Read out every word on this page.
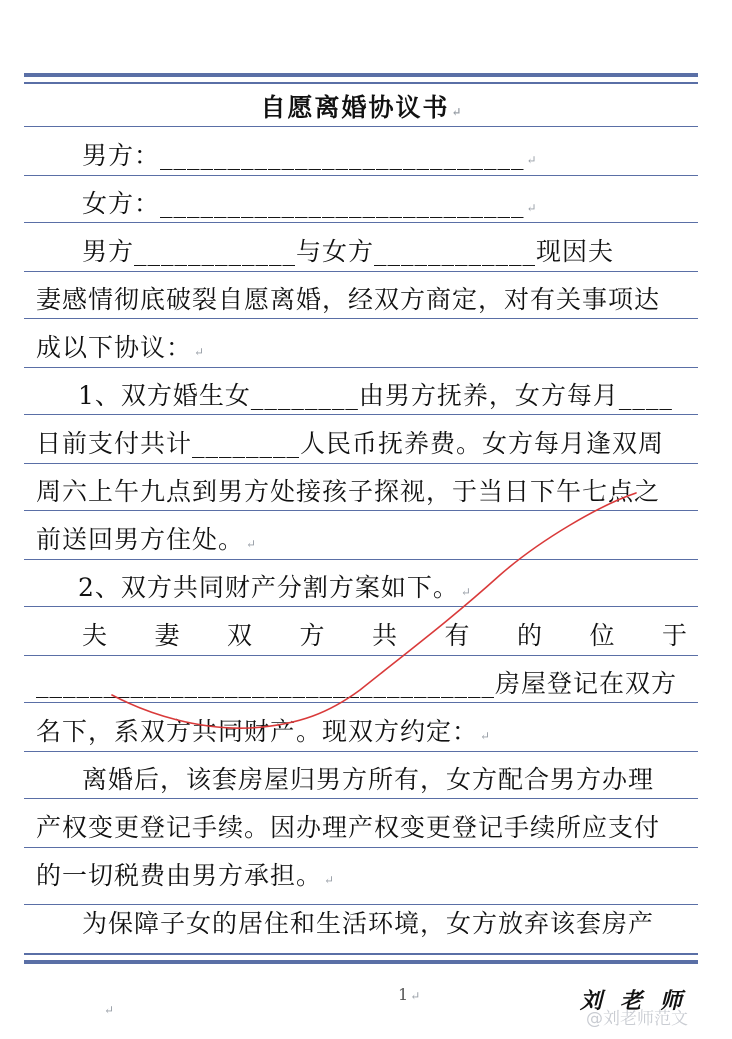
自愿离婚协议书 ↵
男方：___________________________ ↵
女方：___________________________ ↵
男方____________与女方____________现因夫
妻感情彻底破裂自愿离婚，经双方商定，对有关事项达
成以下协议： ↵
1、双方婚生女________由男方抚养，女方每月____
日前支付共计________人民币抚养费。女方每月逢双周
周六上午九点到男方处接孩子探视，于当日下午七点之
前送回男方住处。 ↵
2、双方共同财产分割方案如下。 ↵
夫 妻 双 方 共 有 的 位 于
__________________________________房屋登记在双方
名下，系双方共同财产。现双方约定： ↵
离婚后，该套房屋归男方所有，女方配合男方办理
产权变更登记手续。因办理产权变更登记手续所应支付
的一切税费由男方承担。 ↵
为保障子女的居住和生活环境，女方放弃该套房产
1 ↵
↵	刘老师
@刘老师范文
